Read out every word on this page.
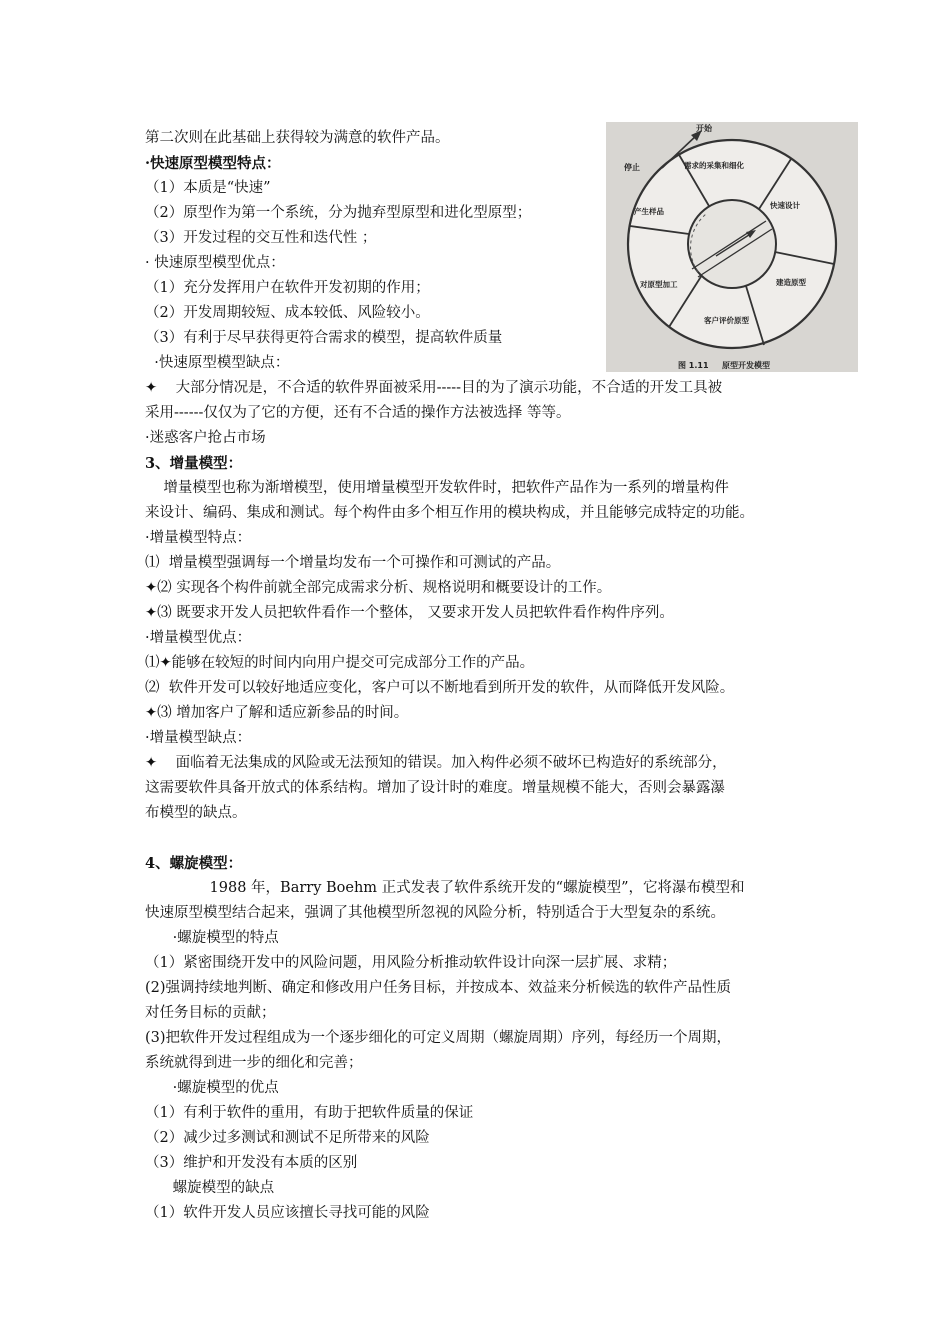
开始
停止	需求的采集和细化
快速设计
建造原型
客户评价原型
对原型加工
产生样品
图 1.11 原型开发模型
第二次则在此基础上获得较为满意的软件产品。
·快速原型模型特点：
（1）本质是“快速”
（2）原型作为第一个系统，分为抛弃型原型和进化型原型；
（3）开发过程的交互性和迭代性 ；
· 快速原型模型优点：
（1）充分发挥用户在软件开发初期的作用；
（2）开发周期较短、成本较低、风险较小。
（3）有利于尽早获得更符合需求的模型，提高软件质量
·快速原型模型缺点：
✦    大部分情况是，不合适的软件界面被采用-----目的为了演示功能，不合适的开发工具被
采用------仅仅为了它的方便，还有不合适的操作方法被选择 等等。
·迷惑客户抢占市场
3、增量模型：
增量模型也称为渐增模型，使用增量模型开发软件时，把软件产品作为一系列的增量构件
来设计、编码、集成和测试。每个构件由多个相互作用的模块构成，并且能够完成特定的功能。
·增量模型特点：
⑴  增量模型强调每一个增量均发布一个可操作和可测试的产品。
✦⑵ 实现各个构件前就全部完成需求分析、规格说明和概要设计的工作。
✦⑶ 既要求开发人员把软件看作一个整体， 又要求开发人员把软件看作构件序列。
·增量模型优点：
⑴✦能够在较短的时间内向用户提交可完成部分工作的产品。
⑵  软件开发可以较好地适应变化，客户可以不断地看到所开发的软件，从而降低开发风险。
✦⑶ 增加客户了解和适应新参品的时间。
·增量模型缺点：
✦    面临着无法集成的风险或无法预知的错误。加入构件必须不破坏已构造好的系统部分，
这需要软件具备开放式的体系结构。增加了设计时的难度。增量规模不能大，否则会暴露瀑
布模型的缺点。
4、螺旋模型：
1988 年，Barry Boehm 正式发表了软件系统开发的“螺旋模型”，它将瀑布模型和
快速原型模型结合起来，强调了其他模型所忽视的风险分析，特别适合于大型复杂的系统。
·螺旋模型的特点
（1）紧密围绕开发中的风险问题，用风险分析推动软件设计向深一层扩展、求精；
(2)强调持续地判断、确定和修改用户任务目标，并按成本、效益来分析候选的软件产品性质
对任务目标的贡献；
(3)把软件开发过程组成为一个逐步细化的可定义周期（螺旋周期）序列，每经历一个周期，
系统就得到进一步的细化和完善；
·螺旋模型的优点
（1）有利于软件的重用，有助于把软件质量的保证
（2）减少过多测试和测试不足所带来的风险
（3）维护和开发没有本质的区别
螺旋模型的缺点
（1）软件开发人员应该擅长寻找可能的风险
